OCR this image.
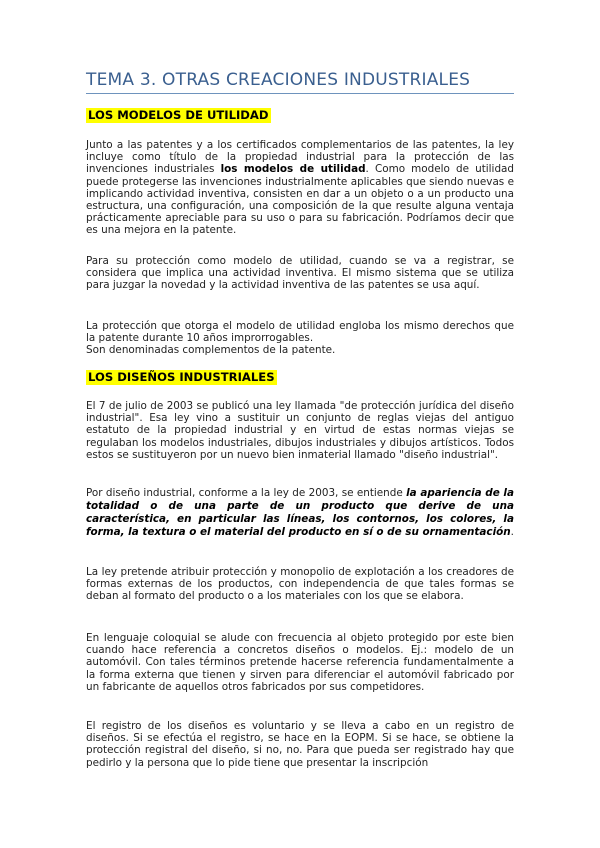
TEMA 3. OTRAS CREACIONES INDUSTRIALES
LOS MODELOS DE UTILIDAD
Junto a las patentes y a los certificados complementarios de las patentes, la ley incluye como título de la propiedad industrial para la protección de las invenciones industriales los modelos de utilidad. Como modelo de utilidad puede protegerse las invenciones industrialmente aplicables que siendo nuevas e implicando actividad inventiva, consisten en dar a un objeto o a un producto una estructura, una configuración, una composición de la que resulte alguna ventaja prácticamente apreciable para su uso o para su fabricación. Podríamos decir que es una mejora en la patente.
Para su protección como modelo de utilidad, cuando se va a registrar, se considera que implica una actividad inventiva. El mismo sistema que se utiliza para juzgar la novedad y la actividad inventiva de las patentes se usa aquí.
La protección que otorga el modelo de utilidad engloba los mismo derechos que la patente durante 10 años improrrogables.
Son denominadas complementos de la patente.
LOS DISEÑOS INDUSTRIALES
El 7 de julio de 2003 se publicó una ley llamada "de protección jurídica del diseño industrial". Esa ley vino a sustituir un conjunto de reglas viejas del antiguo estatuto de la propiedad industrial y en virtud de estas normas viejas se regulaban los modelos industriales, dibujos industriales y dibujos artísticos. Todos estos se sustituyeron por un nuevo bien inmaterial llamado "diseño industrial".
Por diseño industrial, conforme a la ley de 2003, se entiende la apariencia de la totalidad o de una parte de un producto que derive de una característica, en particular las líneas, los contornos, los colores, la forma, la textura o el material del producto en sí o de su ornamentación.
La ley pretende atribuir protección y monopolio de explotación a los creadores de formas externas de los productos, con independencia de que tales formas se deban al formato del producto o a los materiales con los que se elabora.
En lenguaje coloquial se alude con frecuencia al objeto protegido por este bien cuando hace referencia a concretos diseños o modelos. Ej.: modelo de un automóvil. Con tales términos pretende hacerse referencia fundamentalmente a la forma externa que tienen y sirven para diferenciar el automóvil fabricado por un fabricante de aquellos otros fabricados por sus competidores.
El registro de los diseños es voluntario y se lleva a cabo en un registro de diseños. Si se efectúa el registro, se hace en la EOPM. Si se hace, se obtiene la protección registral del diseño, si no, no. Para que pueda ser registrado hay que pedirlo y la persona que lo pide tiene que presentar la inscripción
